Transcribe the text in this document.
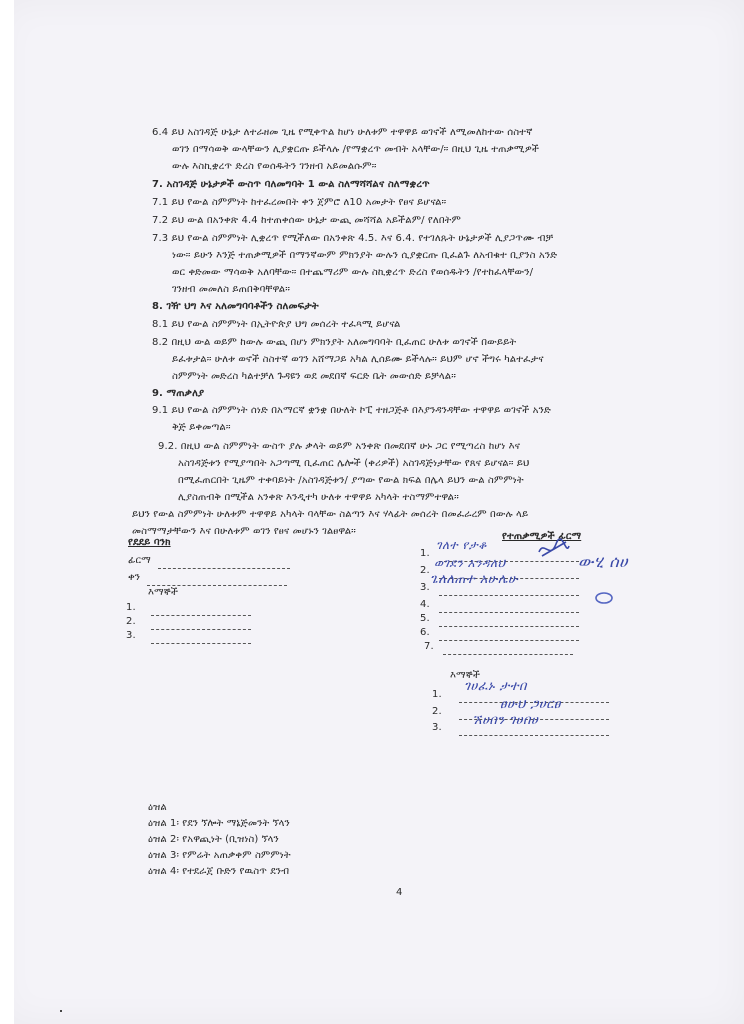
6.4 ይህ አስገዳጅ ሁኔታ ለተራዘመ ጊዜ የሚቀጥል ከሆነ ሁለቱም ተዋዋይ ወገኖች ለሚመለከተው ሰስተኛ
ወገን በማሳወቅ ውላቸውን ሊያቋርጡ ይችላሉ /የማቋረጥ መብት አላቸው/። በዚህ ጊዜ ተጠቃሚዎች
ውሉ እስኪቋረጥ ድረስ የወሰዱትን ገንዘብ አይመልሱም።
7. አስገዳጅ ሁኔታዎች ውስጥ ባለመግባት 1 ውል ስለማሻሻልና ስለማቋረጥ
7.1 ይህ የውል ስምምነት ከተፈረመበት ቀን ጀምሮ ለ10 አመታት የፀና ይሆናል።
7.2 ይህ ውል በአንቀጽ 4.4 ከተጠቀሰው ሁኔታ ውጪ መሻሻል አይችልም/ የለበትም
7.3 ይህ የውል ስምምነት ሊቋረጥ የሚችለው በአንቀጽ 4.5. እና 6.4. የተገለጹት ሁኔታዎች ሊያጋጥሙ ብቻ
ነው። ይሁን እንጅ ተጠቃሚዎች በማንኛውም ምክንያት ውሉን ሲያቋርጡ ቢፈልጉ ለአብቁተ ቢያንስ አንድ
ወር ቀድመው ማሳወቅ አለባቸው። በተጨማሪም ውሉ ስኪቋረጥ ድረስ የወሰዱትን /የተከፈላቸውን/
ገንዘብ መመለስ ይጠበቅባቸዋል።
8. ገዥ ህግ እና አለመግባባቶችን ስለመፍታት
8.1 ይህ የውል ስምምነት በኢትዮጵያ ህግ መሰረት ተፈጻሚ ይሆናል
8.2 በዚህ ውል ወይም ከውሉ ውጪ በሆነ ምክንያት አለመግባባት ቢፈጠር ሁለቱ ወገኖች በውይይት
ይፈቱታል። ሁለቱ ወኖች ስስተኛ ወገን አሸማጋይ አካል ሊሰይሙ ይችላሉ። ይህም ሆኖ ችግሩ ካልተፈታና
ስምምነት መድረስ ካልተቻለ ጉዳዩን ወደ መደበኛ ፍርድ ቤት መውሰድ ይቻላል።
9. ማጠቃለያ
9.1 ይህ የውል ስምምነት ሰነድ በአማርኛ ቋንቋ በሁለት ኮፒ ተዘጋጅቶ በእያንዳንዳቸው ተዋዋይ ወገኖች አንድ
ቅጅ ይቀመጣል።
9.2. በዚህ ውል ስምምነት ውስጥ ያሉ ቃላት ወይም አንቀጽ በመደበኛ ሁኑ ጋር የሚጣረስ ከሆነ እና
አስገዳጅቱን የሚያጣበት አጋጣሚ ቢፈጠር ሌሎች (ቀሪዎች) አስገዳጅነታቸው የጸና ይሆናል። ይህ
በሚፈጠርበት ጊዜም ተቀባይነት /አስገዳጅቱን/ ያጣው የውል ክፍል በሌላ ይህን ውል ስምምነት
ሊያስጠብቅ በሚችል አንቀጽ እንዲተካ ሁለቱ ተዋዋይ አካላት ተስማምተዋል።
ይህን የውል ስምምነት ሁለቱም ተዋዋይ አካላት ባላቸው ስልጣን እና ሃላፊት መሰረት በመፈራረም በውሉ ላይ
መስማማታቸውን እና በሁለቱም ወገን የፀና መሆኑን ገልፀዋል።
የደደይ ባንክ
ፊርማ
ቀን
እማኞች
1.
2.
3.
የተጠቃሚዎች ፊርማ
1.
2.
3.
4.
5.
6.
7.
ገለተ የታቆ
ወገደን እንዳለህ
ጌለለጠተ አሁሌሁ
ውሂ ሰሀ
እማኞች
1.
2.
3.
ገሀፈኑ ታተበ
ፀሁህ ጋሀርፀ
ኧሀበን ገሀበሀ
ዕዝል
ዕዝል 1፡ የደን ኘሎት ማኔጅመንት ኘላን
ዕዝል 2፡ የአዋጪነት (ቢዝነስ) ኘላን
ዕዝል 3፡ የምሬት አጠቃቀም ስምምነት
ዕዝል 4፡ የተደራጀ ቡድን የዉስጥ ደንብ
4
